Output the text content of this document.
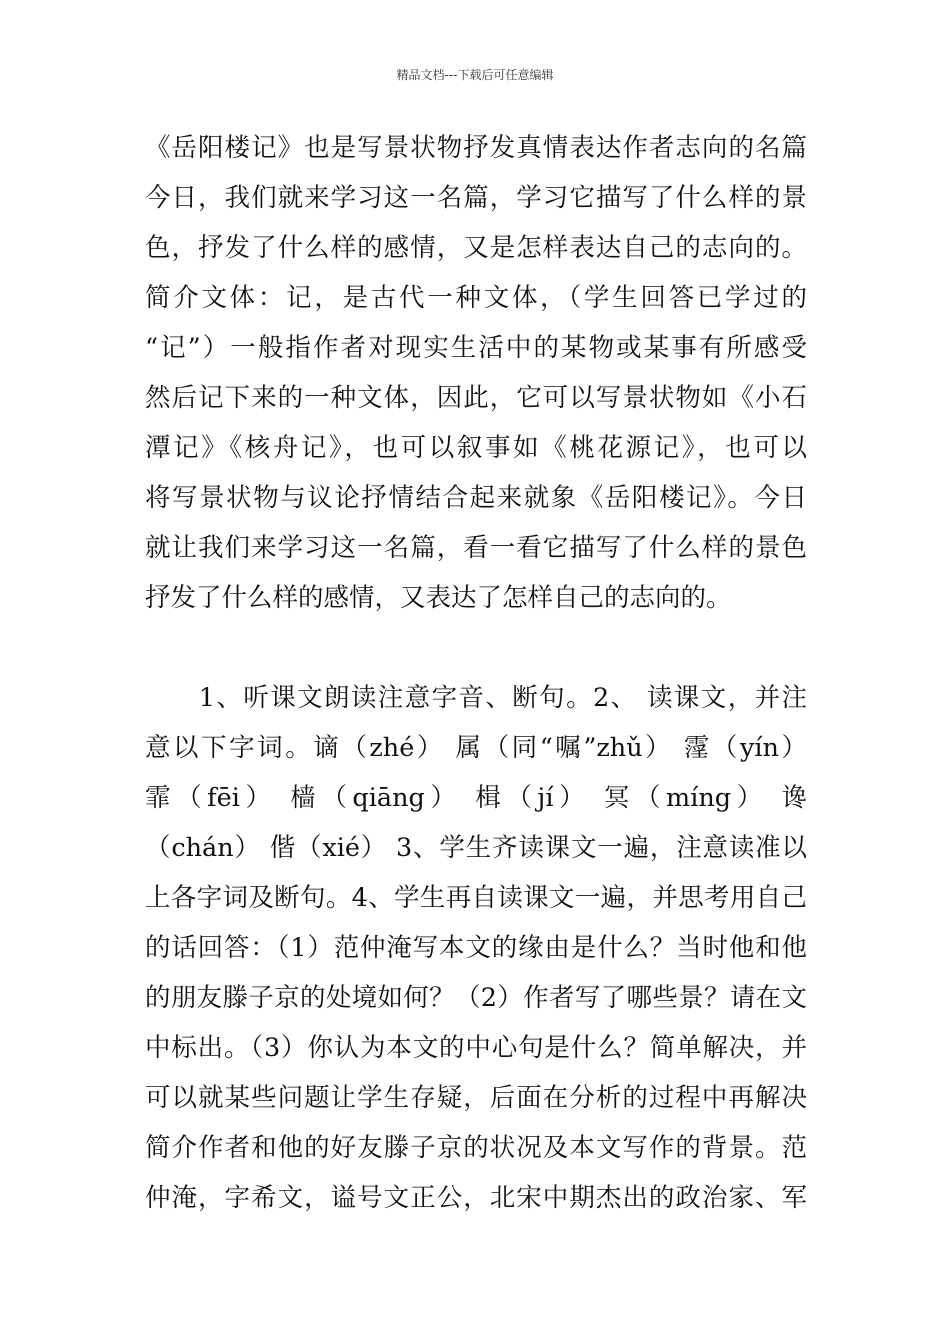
精品文档---下载后可任意编辑
《岳阳楼记》也是写景状物抒发真情表达作者志向的名篇
今日，我们就来学习这一名篇，学习它描写了什么样的景
色，抒发了什么样的感情，又是怎样表达自己的志向的。
简介文体：记，是古代一种文体，（学生回答已学过的
“记”）一般指作者对现实生活中的某物或某事有所感受
然后记下来的一种文体，因此，它可以写景状物如《小石
潭记》《核舟记》，也可以叙事如《桃花源记》，也可以
将写景状物与议论抒情结合起来就象《岳阳楼记》。今日
就让我们来学习这一名篇，看一看它描写了什么样的景色
抒发了什么样的感情，又表达了怎样自己的志向的。
　　1、听课文朗读注意字音、断句。2、 读课文，并注
意以下字词。谪（zhé） 属（同“嘱”zhǔ） 霪（yín）
霏（fēi） 樯（qiāng） 楫（jí） 冥（míng） 谗
（chán） 偕（xié） 3、学生齐读课文一遍，注意读准以
上各字词及断句。4、学生再自读课文一遍，并思考用自己
的话回答：（1）范仲淹写本文的缘由是什么？当时他和他
的朋友滕子京的处境如何？（2）作者写了哪些景？请在文
中标出。（3）你认为本文的中心句是什么？简单解决，并
可以就某些问题让学生存疑，后面在分析的过程中再解决
简介作者和他的好友滕子京的状况及本文写作的背景。范
仲淹，字希文，谥号文正公，北宋中期杰出的政治家、军
